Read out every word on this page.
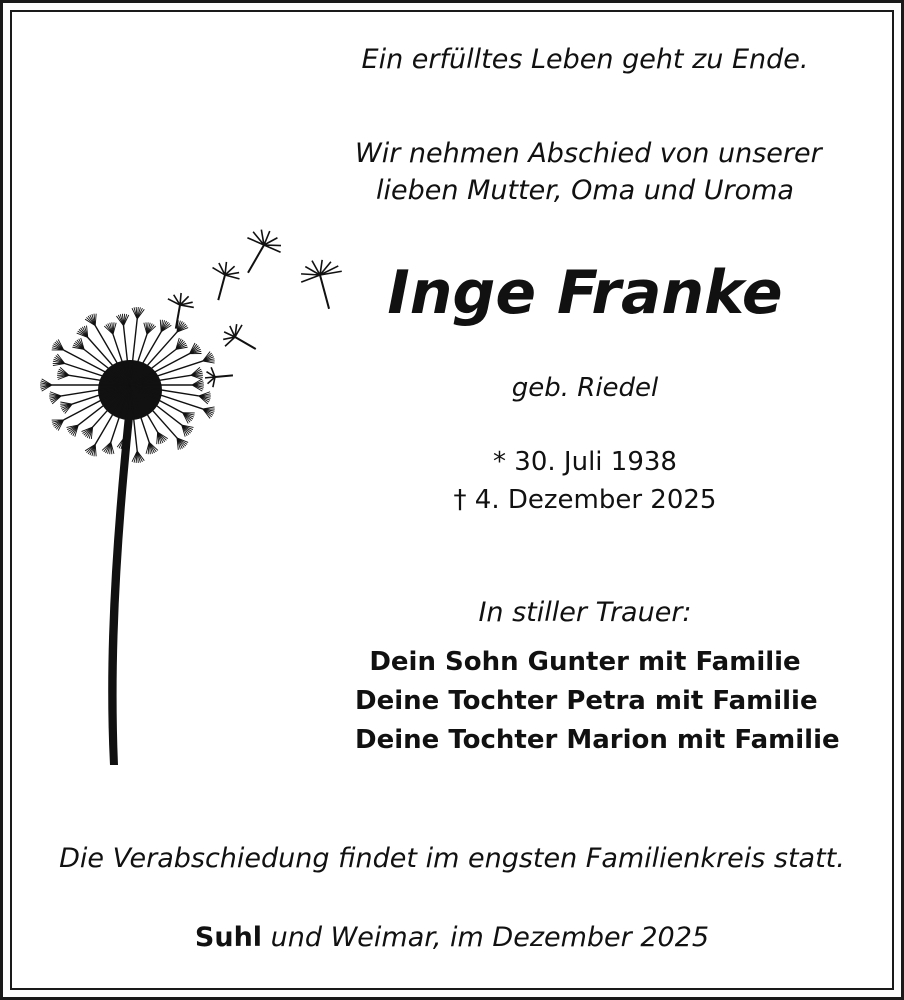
Ein erfülltes Leben geht zu Ende.
Wir nehmen Abschied von unserer
lieben Mutter, Oma und Uroma
Inge Franke
geb. Riedel
* 30. Juli 1938
† 4. Dezember 2025
In stiller Trauer:
Dein Sohn Gunter mit Familie
Deine Tochter Petra mit Familie
Deine Tochter Marion mit Familie
Die Verabschiedung findet im engsten Familienkreis statt.
Suhl und Weimar, im Dezember 2025
